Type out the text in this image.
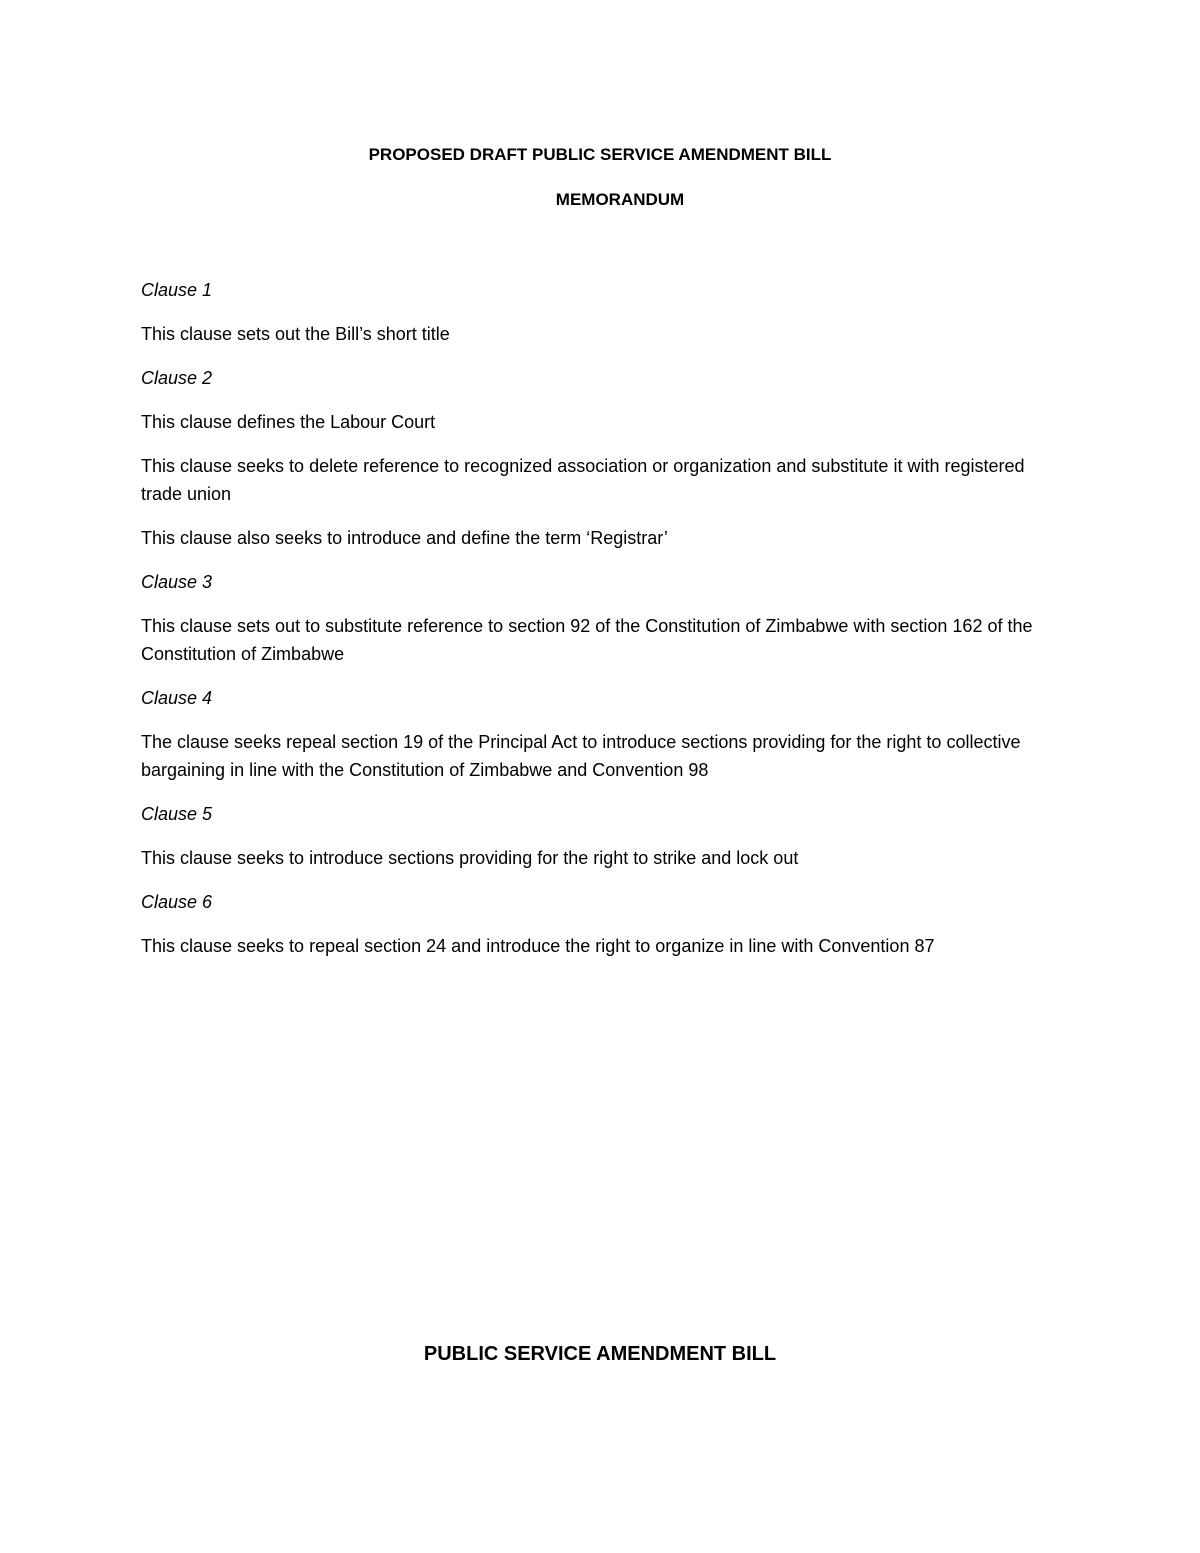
PROPOSED DRAFT PUBLIC SERVICE AMENDMENT BILL
MEMORANDUM

Clause 1

This clause sets out the Bill’s short title

Clause 2

This clause defines the Labour Court

This clause seeks to delete reference to recognized association or organization and substitute it with registered trade union

This clause also seeks to introduce and define the term ‘Registrar’

Clause 3

This clause sets out to substitute reference to section 92 of the Constitution of Zimbabwe with section 162 of the Constitution of Zimbabwe

Clause 4

The clause seeks repeal section 19 of the Principal Act to introduce sections providing for the right to collective bargaining in line with the Constitution of Zimbabwe and Convention 98

Clause 5

This clause seeks to introduce sections providing for the right to strike and lock out

Clause 6

This clause seeks to repeal section 24 and introduce the right to organize in line with Convention 87

PUBLIC SERVICE AMENDMENT BILL
